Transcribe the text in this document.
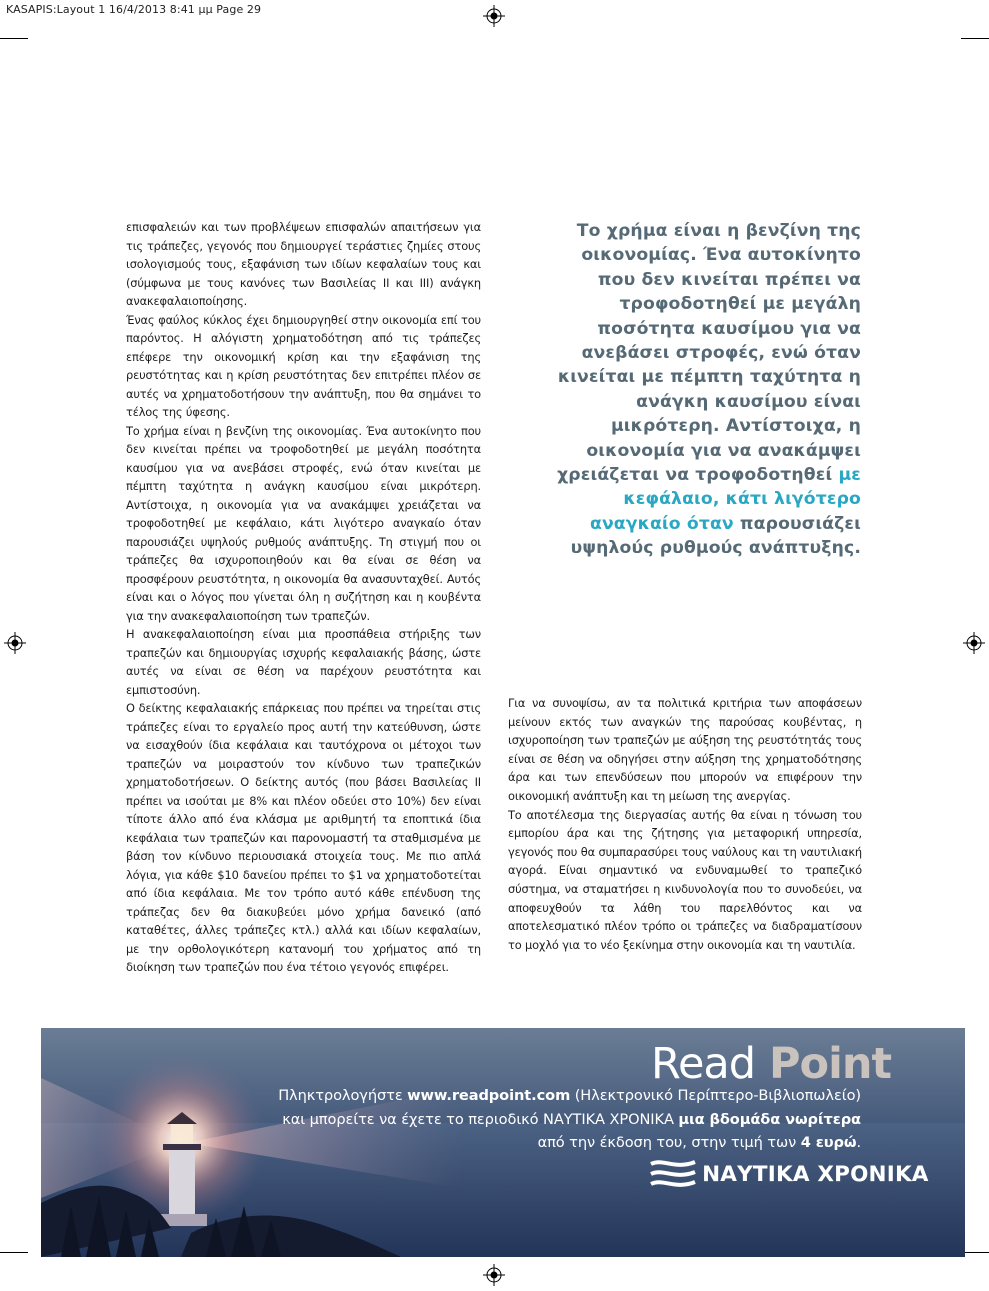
KASAPIS:Layout 1 16/4/2013 8:41 μμ Page 29

επισφαλειών και των προβλέψεων επισφαλών απαιτήσεων για τις τράπεζες, γεγονός που δημιουργεί τεράστιες ζημίες στους ισολογισμούς τους, εξαφάνιση των ιδίων κεφαλαίων τους και (σύμφωνα με τους κανόνες των Βασιλείας ΙΙ και ΙΙΙ) ανάγκη ανακεφαλαιοποίησης.

Ένας φαύλος κύκλος έχει δημιουργηθεί στην οικονομία επί του παρόντος. Η αλόγιστη χρηματοδότηση από τις τράπεζες επέφερε την οικονομική κρίση και την εξαφάνιση της ρευστότητας και η κρίση ρευστότητας δεν επιτρέπει πλέον σε αυτές να χρηματοδοτήσουν την ανάπτυξη, που θα σημάνει το τέλος της ύφεσης.

Το χρήμα είναι η βενζίνη της οικονομίας. Ένα αυτοκίνητο που δεν κινείται πρέπει να τροφοδοτηθεί με μεγάλη ποσότητα καυσίμου για να ανεβάσει στροφές, ενώ όταν κινείται με πέμπτη ταχύτητα η ανάγκη καυσίμου είναι μικρότερη. Αντίστοιχα, η οικονομία για να ανακάμψει χρειάζεται να τροφοδοτηθεί με κεφάλαιο, κάτι λιγότερο αναγκαίο όταν παρουσιάζει υψηλούς ρυθμούς ανάπτυξης. Τη στιγμή που οι τράπεζες θα ισχυροποιηθούν και θα είναι σε θέση να προσφέρουν ρευστότητα, η οικονομία θα ανασυνταχθεί. Αυτός είναι και ο λόγος που γίνεται όλη η συζήτηση και η κουβέντα για την ανακεφαλαιοποίηση των τραπεζών.

Η ανακεφαλαιοποίηση είναι μια προσπάθεια στήριξης των τραπεζών και δημιουργίας ισχυρής κεφαλαιακής βάσης, ώστε αυτές να είναι σε θέση να παρέχουν ρευστότητα και εμπιστοσύνη.

Ο δείκτης κεφαλαιακής επάρκειας που πρέπει να τηρείται στις τράπεζες είναι το εργαλείο προς αυτή την κατεύθυνση, ώστε να εισαχθούν ίδια κεφάλαια και ταυτόχρονα οι μέτοχοι των τραπεζών να μοιραστούν τον κίνδυνο των τραπεζικών χρηματοδοτήσεων. Ο δείκτης αυτός (που βάσει Βασιλείας ΙΙ πρέπει να ισούται με 8% και πλέον οδεύει στο 10%) δεν είναι τίποτε άλλο από ένα κλάσμα με αριθμητή τα εποπτικά ίδια κεφάλαια των τραπεζών και παρονομαστή τα σταθμισμένα με βάση τον κίνδυνο περιουσιακά στοιχεία τους. Με πιο απλά λόγια, για κάθε $10 δανείου πρέπει το $1 να χρηματοδοτείται από ίδια κεφάλαια. Με τον τρόπο αυτό κάθε επένδυση της τράπεζας δεν θα διακυβεύει μόνο χρήμα δανεικό (από καταθέτες, άλλες τράπεζες κτλ.) αλλά και ιδίων κεφαλαίων, με την ορθολογικότερη κατανομή του χρήματος από τη διοίκηση των τραπεζών που ένα τέτοιο γεγονός επιφέρει.

Το χρήμα είναι η βενζίνη της οικονομίας. Ένα αυτοκίνητο που δεν κινείται πρέπει να τροφοδοτηθεί με μεγάλη ποσότητα καυσίμου για να ανεβάσει στροφές, ενώ όταν κινείται με πέμπτη ταχύτητα η ανάγκη καυσίμου είναι μικρότερη. Αντίστοιχα, η οικονομία για να ανακάμψει χρειάζεται να τροφοδοτηθεί με κεφάλαιο, κάτι λιγότερο αναγκαίο όταν παρουσιάζει υψηλούς ρυθμούς ανάπτυξης.

Για να συνοψίσω, αν τα πολιτικά κριτήρια των αποφάσεων μείνουν εκτός των αναγκών της παρούσας κουβέντας, η ισχυροποίηση των τραπεζών με αύξηση της ρευστότητάς τους είναι σε θέση να οδηγήσει στην αύξηση της χρηματοδότησης άρα και των επενδύσεων που μπορούν να επιφέρουν την οικονομική ανάπτυξη και τη μείωση της ανεργίας.

Το αποτέλεσμα της διεργασίας αυτής θα είναι η τόνωση του εμπορίου άρα και της ζήτησης για μεταφορική υπηρεσία, γεγονός που θα συμπαρασύρει τους ναύλους και τη ναυτιλιακή αγορά. Είναι σημαντικό να ενδυναμωθεί το τραπεζικό σύστημα, να σταματήσει η κινδυνολογία που το συνοδεύει, να αποφευχθούν τα λάθη του παρελθόντος και να αποτελεσματικό πλέον τρόπο οι τράπεζες να διαδραματίσουν το μοχλό για το νέο ξεκίνημα στην οικονομία και τη ναυτιλία.

Read Point
Πληκτρολογήστε www.readpoint.com (Ηλεκτρονικό Περίπτερο-Βιβλιοπωλείο)
και μπορείτε να έχετε το περιοδικό ΝΑΥΤΙΚΑ ΧΡΟΝΙΚΑ μια βδομάδα νωρίτερα
από την έκδοση του, στην τιμή των 4 ευρώ.
ΝΑΥΤΙΚΑ ΧΡΟΝΙΚΑ
